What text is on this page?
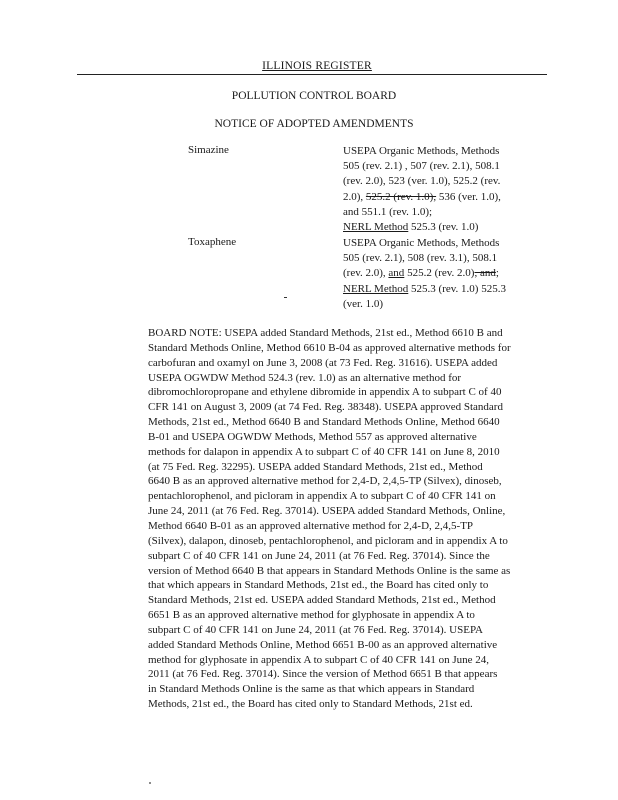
ILLINOIS REGISTER
POLLUTION CONTROL BOARD
NOTICE OF ADOPTED AMENDMENTS
Simazine	USEPA Organic Methods, Methods
505 (rev. 2.1) , 507 (rev. 2.1), 508.1
(rev. 2.0), 523 (ver. 1.0), 525.2 (rev.
2.0), 525.2 (rev. 1.0), 536 (ver. 1.0),
and 551.1 (rev. 1.0);
NERL Method 525.3 (rev. 1.0)
Toxaphene	USEPA Organic Methods, Methods
505 (rev. 2.1), 508 (rev. 3.1), 508.1
(rev. 2.0), and 525.2 (rev. 2.0), and;
NERL Method 525.3 (rev. 1.0) 525.3
(ver. 1.0)
BOARD NOTE: USEPA added Standard Methods, 21st ed., Method 6610 B and
Standard Methods Online, Method 6610 B-04 as approved alternative methods for
carbofuran and oxamyl on June 3, 2008 (at 73 Fed. Reg. 31616). USEPA added
USEPA OGWDW Method 524.3 (rev. 1.0) as an alternative method for
dibromochloropropane and ethylene dibromide in appendix A to subpart C of 40
CFR 141 on August 3, 2009 (at 74 Fed. Reg. 38348). USEPA approved Standard
Methods, 21st ed., Method 6640 B and Standard Methods Online, Method 6640
B-01 and USEPA OGWDW Methods, Method 557 as approved alternative
methods for dalapon in appendix A to subpart C of 40 CFR 141 on June 8, 2010
(at 75 Fed. Reg. 32295). USEPA added Standard Methods, 21st ed., Method
6640 B as an approved alternative method for 2,4-D, 2,4,5-TP (Silvex), dinoseb,
pentachlorophenol, and picloram in appendix A to subpart C of 40 CFR 141 on
June 24, 2011 (at 76 Fed. Reg. 37014). USEPA added Standard Methods, Online,
Method 6640 B-01 as an approved alternative method for 2,4-D, 2,4,5-TP
(Silvex), dalapon, dinoseb, pentachlorophenol, and picloram and in appendix A to
subpart C of 40 CFR 141 on June 24, 2011 (at 76 Fed. Reg. 37014). Since the
version of Method 6640 B that appears in Standard Methods Online is the same as
that which appears in Standard Methods, 21st ed., the Board has cited only to
Standard Methods, 21st ed. USEPA added Standard Methods, 21st ed., Method
6651 B as an approved alternative method for glyphosate in appendix A to
subpart C of 40 CFR 141 on June 24, 2011 (at 76 Fed. Reg. 37014). USEPA
added Standard Methods Online, Method 6651 B-00 as an approved alternative
method for glyphosate in appendix A to subpart C of 40 CFR 141 on June 24,
2011 (at 76 Fed. Reg. 37014). Since the version of Method 6651 B that appears
in Standard Methods Online is the same as that which appears in Standard
Methods, 21st ed., the Board has cited only to Standard Methods, 21st ed.
